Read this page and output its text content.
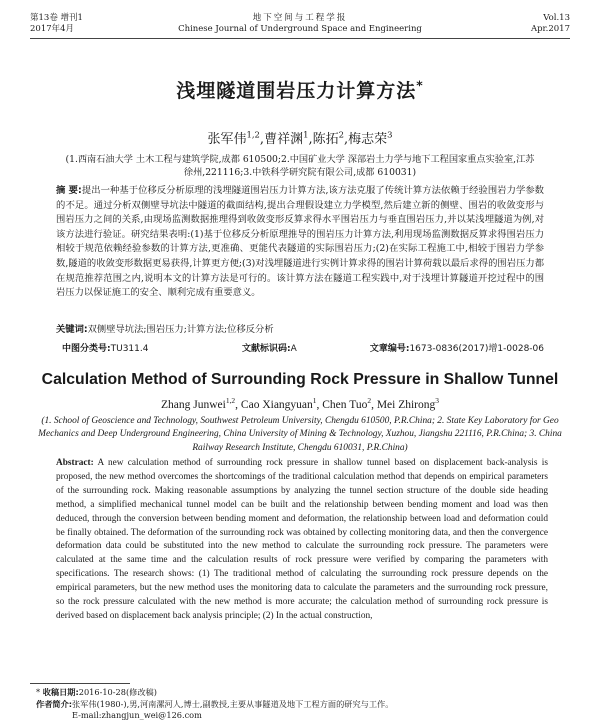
第13卷 增刊1
2017年4月
地下空间与工程学报
Chinese Journal of Underground Space and Engineering
Vol.13
Apr.2017
浅埋隧道围岩压力计算方法*
张军伟$^{1,2}$,曹祥渊$^1$,陈拓$^2$,梅志荣$^3$
(1.西南石油大学 土木工程与建筑学院,成都 610500;2.中国矿业大学 深部岩土力学与地下工程国家重点实验室,江苏 徐州,221116;3.中铁科学研究院有限公司,成都 610031)
摘 要:提出一种基于位移反分析原理的浅埋隧道围岩压力计算方法,该方法克服了传统计算方法依赖于经验围岩力学参数的不足。通过分析双侧壁导坑法中隧道的截面结构,提出合理假设建立力学模型,然后建立新的侧壁、围岩的收敛变形与围岩压力之间的关系,由现场监测数据推理得到收敛变形反算求得水平围岩压力与垂直围岩压力,并以某浅埋隧道为例,对该方法进行验证。研究结果表明:(1)基于位移反分析原理推导的围岩压力计算方法,利用现场监测数据反算求得围岩压力相较于规范依赖经验参数的计算方法,更准确、更能代表隧道的实际围岩压力;(2)在实际工程施工中,相较于围岩力学参数,隧道的收敛变形数据更易获得,计算更方便;(3)对浅埋隧道进行实例计算求得的围岩计算荷载以最后求得的围岩压力都在规范推荐范围之内,说明本文的计算方法是可行的。该计算方法在隧道工程实践中,对于浅埋计算隧道开挖过程中的围岩压力以保证施工的安全、顺利完成有重要意义。
关键词:双侧壁导坑法;围岩压力;计算方法;位移反分析
中图分类号:TU311.4	文献标识码:A	文章编号:1673-0836(2017)增1-0028-06
Calculation Method of Surrounding Rock Pressure in Shallow Tunnel
Zhang Junwei$^{1,2}$, Cao Xiangyuan$^1$, Chen Tuo$^2$, Mei Zhirong$^3$
(1. School of Geoscience and Technology, Southwest Petroleum University, Chengdu 610500, P.R.China; 2. State Key Laboratory for Geo Mechanics and Deep Underground Engineering, China University of Mining & Technology, Xuzhou, Jiangshu 221116, P.R.China; 3. China Railway Research Institute, Chengdu 610031, P.R.China)
Abstract: A new calculation method of surrounding rock pressure in shallow tunnel based on displacement back-analysis is proposed, the new method overcomes the shortcomings of the traditional calculation method that depends on empirical parameters of the surrounding rock. Making reasonable assumptions by analyzing the tunnel section structure of the double side heading method, a simplified mechanical tunnel model can be built and the relationship between bending moment and load was then deduced, through the conversion between bending moment and deformation, the relationship between load and deformation could be finally obtained. The deformation of the surrounding rock was obtained by collecting monitoring data, and then the convergence deformation data could be substituted into the new method to calculate the surrounding rock pressure. The parameters were calculated at the same time and the calculation results of rock pressure were verified by comparing the parameters with specifications. The research shows: (1) The traditional method of calculating the surrounding rock pressure depends on the empirical parameters, but the new method uses the monitoring data to calculate the parameters and the surrounding rock pressure, so the rock pressure calculated with the new method is more accurate; the calculation method of surrounding rock pressure is derived based on displacement back analysis principle; (2) In the actual construction,
* 收稿日期:2016-10-28(修改稿)
作者简介:张军伟(1980-),男,河南漯河人,博士,副教授,主要从事隧道及地下工程方面的研究与工作。
E-mail:zhangjun_wei@126.com
